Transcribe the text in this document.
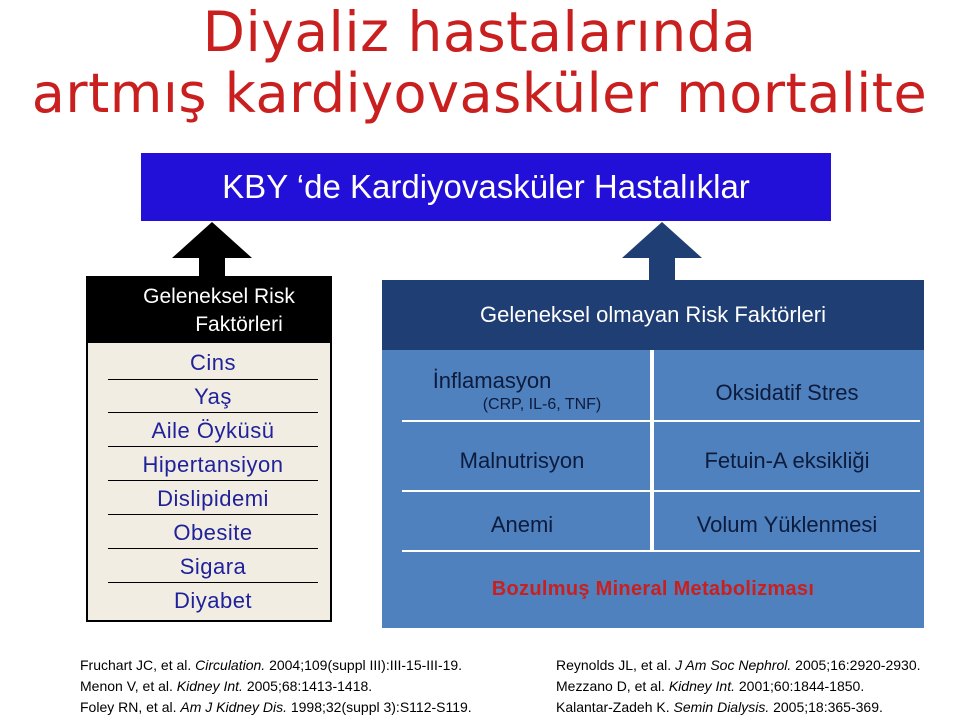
Diyaliz hastalarında
artmış kardiyovasküler mortalite
KBY ‘de Kardiyovasküler Hastalıklar
Geleneksel Risk
Faktörleri
Cins
Yaş
Aile Öyküsü
Hipertansiyon
Dislipidemi
Obesite
Sigara
Diyabet
Geleneksel olmayan Risk Faktörleri
İnflamasyon
(CRP, IL-6, TNF)
Malnutrisyon
Anemi
Oksidatif Stres
Fetuin-A eksikliği
Volum Yüklenmesi
Bozulmuş Mineral Metabolizması
Fruchart JC, et al. Circulation. 2004;109(suppl III):III-15-III-19.
Menon V, et al. Kidney Int. 2005;68:1413-1418.
Foley RN, et al. Am J Kidney Dis. 1998;32(suppl 3):S112-S119.
Reynolds JL, et al. J Am Soc Nephrol. 2005;16:2920-2930.
Mezzano D, et al. Kidney Int. 2001;60:1844-1850.
Kalantar-Zadeh K. Semin Dialysis. 2005;18:365-369.
